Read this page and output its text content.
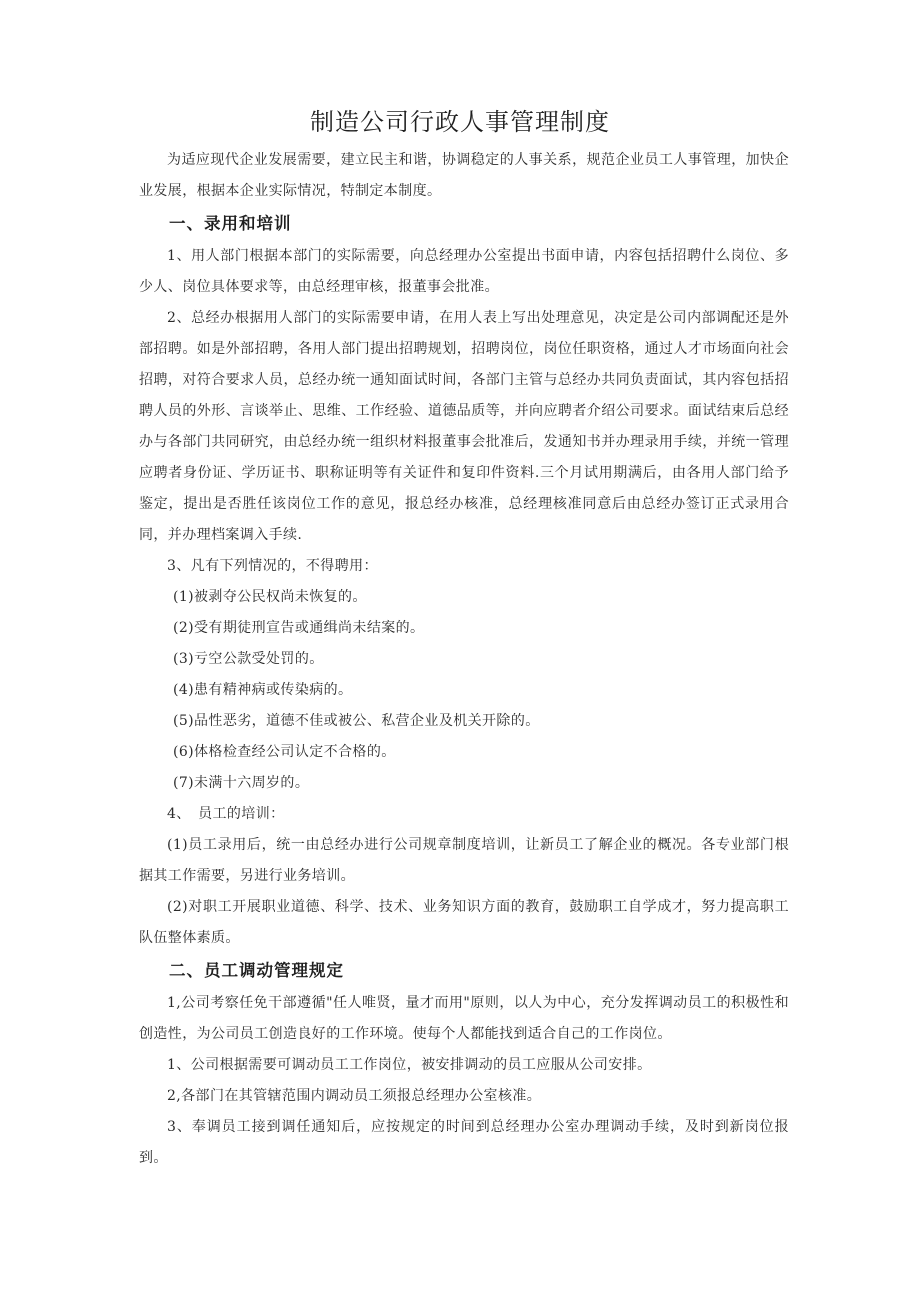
制造公司行政人事管理制度

为适应现代企业发展需要，建立民主和谐，协调稳定的人事关系，规范企业员工人事管理，加快企业发展，根据本企业实际情况，特制定本制度。

一、录用和培训

1、用人部门根据本部门的实际需要，向总经理办公室提出书面申请，内容包括招聘什么岗位、多少人、岗位具体要求等，由总经理审核，报董事会批准。

2、总经办根据用人部门的实际需要申请，在用人表上写出处理意见，决定是公司内部调配还是外部招聘。如是外部招聘，各用人部门提出招聘规划，招聘岗位，岗位任职资格，通过人才市场面向社会招聘，对符合要求人员，总经办统一通知面试时间，各部门主管与总经办共同负责面试，其内容包括招聘人员的外形、言谈举止、思维、工作经验、道德品质等，并向应聘者介绍公司要求。面试结束后总经办与各部门共同研究，由总经办统一组织材料报董事会批准后，发通知书并办理录用手续，并统一管理应聘者身份证、学历证书、职称证明等有关证件和复印件资料.三个月试用期满后，由各用人部门给予鉴定，提出是否胜任该岗位工作的意见，报总经办核准，总经理核准同意后由总经办签订正式录用合同，并办理档案调入手续.

3、凡有下列情况的，不得聘用：

(1)被剥夺公民权尚未恢复的。

(2)受有期徒刑宣告或通缉尚未结案的。

(3)亏空公款受处罚的。

(4)患有精神病或传染病的。

(5)品性恶劣，道德不佳或被公、私营企业及机关开除的。

(6)体格检查经公司认定不合格的。

(7)未满十六周岁的。

4、　员工的培训：

(1)员工录用后，统一由总经办进行公司规章制度培训，让新员工了解企业的概况。各专业部门根据其工作需要，另进行业务培训。

(2)对职工开展职业道德、科学、技术、业务知识方面的教育，鼓励职工自学成才，努力提高职工队伍整体素质。

二、员工调动管理规定

1,公司考察任免干部遵循"任人唯贤，量才而用"原则，以人为中心，充分发挥调动员工的积极性和创造性，为公司员工创造良好的工作环境。使每个人都能找到适合自己的工作岗位。

1、公司根据需要可调动员工工作岗位，被安排调动的员工应服从公司安排。

2,各部门在其管辖范围内调动员工须报总经理办公室核准。

3、奉调员工接到调任通知后，应按规定的时间到总经理办公室办理调动手续，及时到新岗位报到。
